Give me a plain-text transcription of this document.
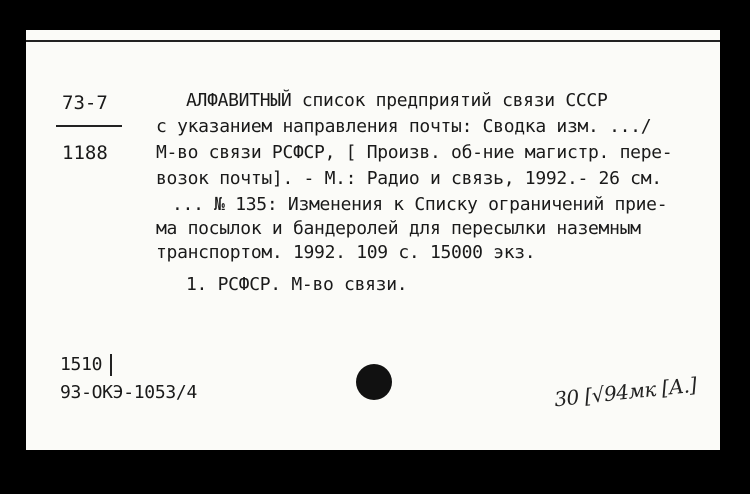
73-7
1188
АЛФАВИТНЫЙ список предприятий связи СССР
с указанием направления почты: Сводка изм. .../
М-во связи РСФСР, [ Произв. об-ние магистр. пере-
возок почты]. - М.: Радио и связь, 1992.- 26 см.
... № 135: Изменения к Списку ограничений прие-
ма посылок и бандеролей для пересылки наземным
транспортом. 1992. 109 с. 15000 экз.
1. РСФСР. М-во связи.
1510
93-ОКЭ-1053/4	30 [√94мк [А.]
